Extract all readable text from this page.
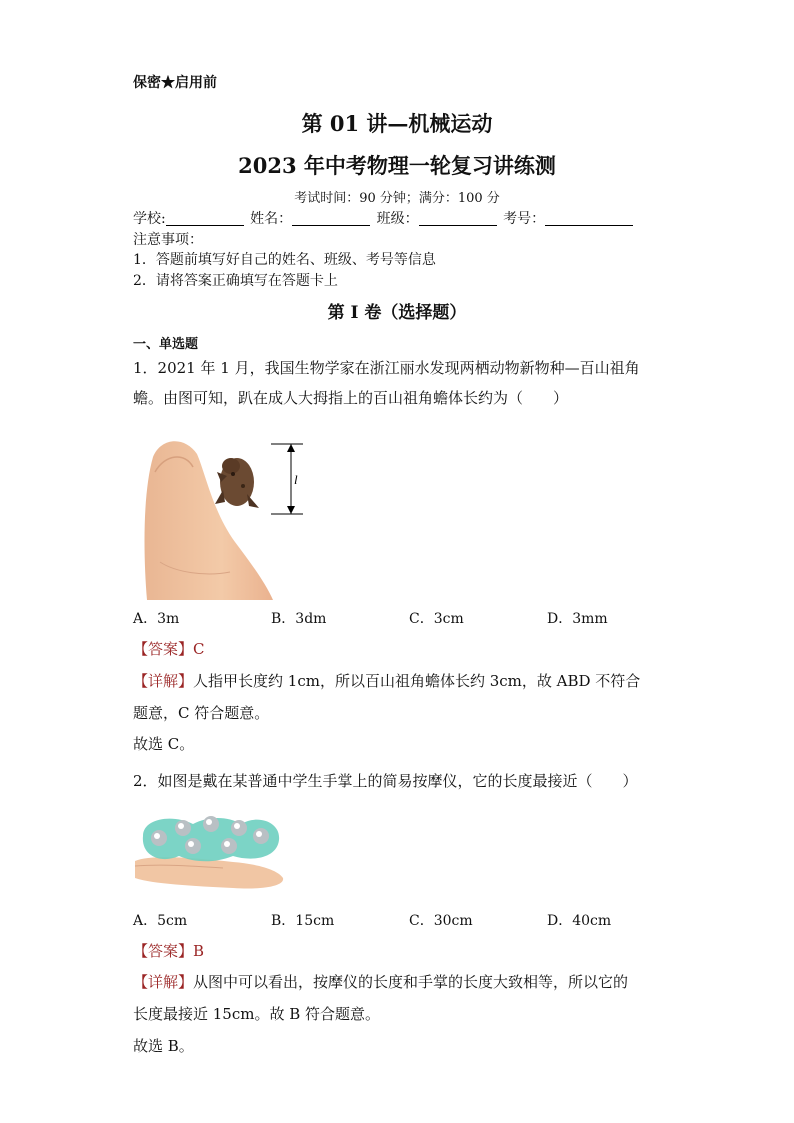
保密★启用前
第 01 讲—机械运动
2023 年中考物理一轮复习讲练测
考试时间：90 分钟；满分：100 分
学校:	姓名：	班级：	考号：
注意事项：
1．答题前填写好自己的姓名、班级、考号等信息
2．请将答案正确填写在答题卡上
第 I 卷（选择题）
一、单选题
1．2021 年 1 月，我国生物学家在浙江丽水发现两栖动物新物种—百山祖角
蟾。由图可知，趴在成人大拇指上的百山祖角蟾体长约为（　　）
l
A．3m	B．3dm	C．3cm	D．3mm
【答案】C
【详解】人指甲长度约 1cm，所以百山祖角蟾体长约 3cm，故 ABD 不符合
题意，C 符合题意。
故选 C。
2．如图是戴在某普通中学生手掌上的简易按摩仪，它的长度最接近（　　）
A．5cm	B．15cm	C．30cm	D．40cm
【答案】B
【详解】从图中可以看出，按摩仪的长度和手掌的长度大致相等，所以它的
长度最接近 15cm。故 B 符合题意。
故选 B。
